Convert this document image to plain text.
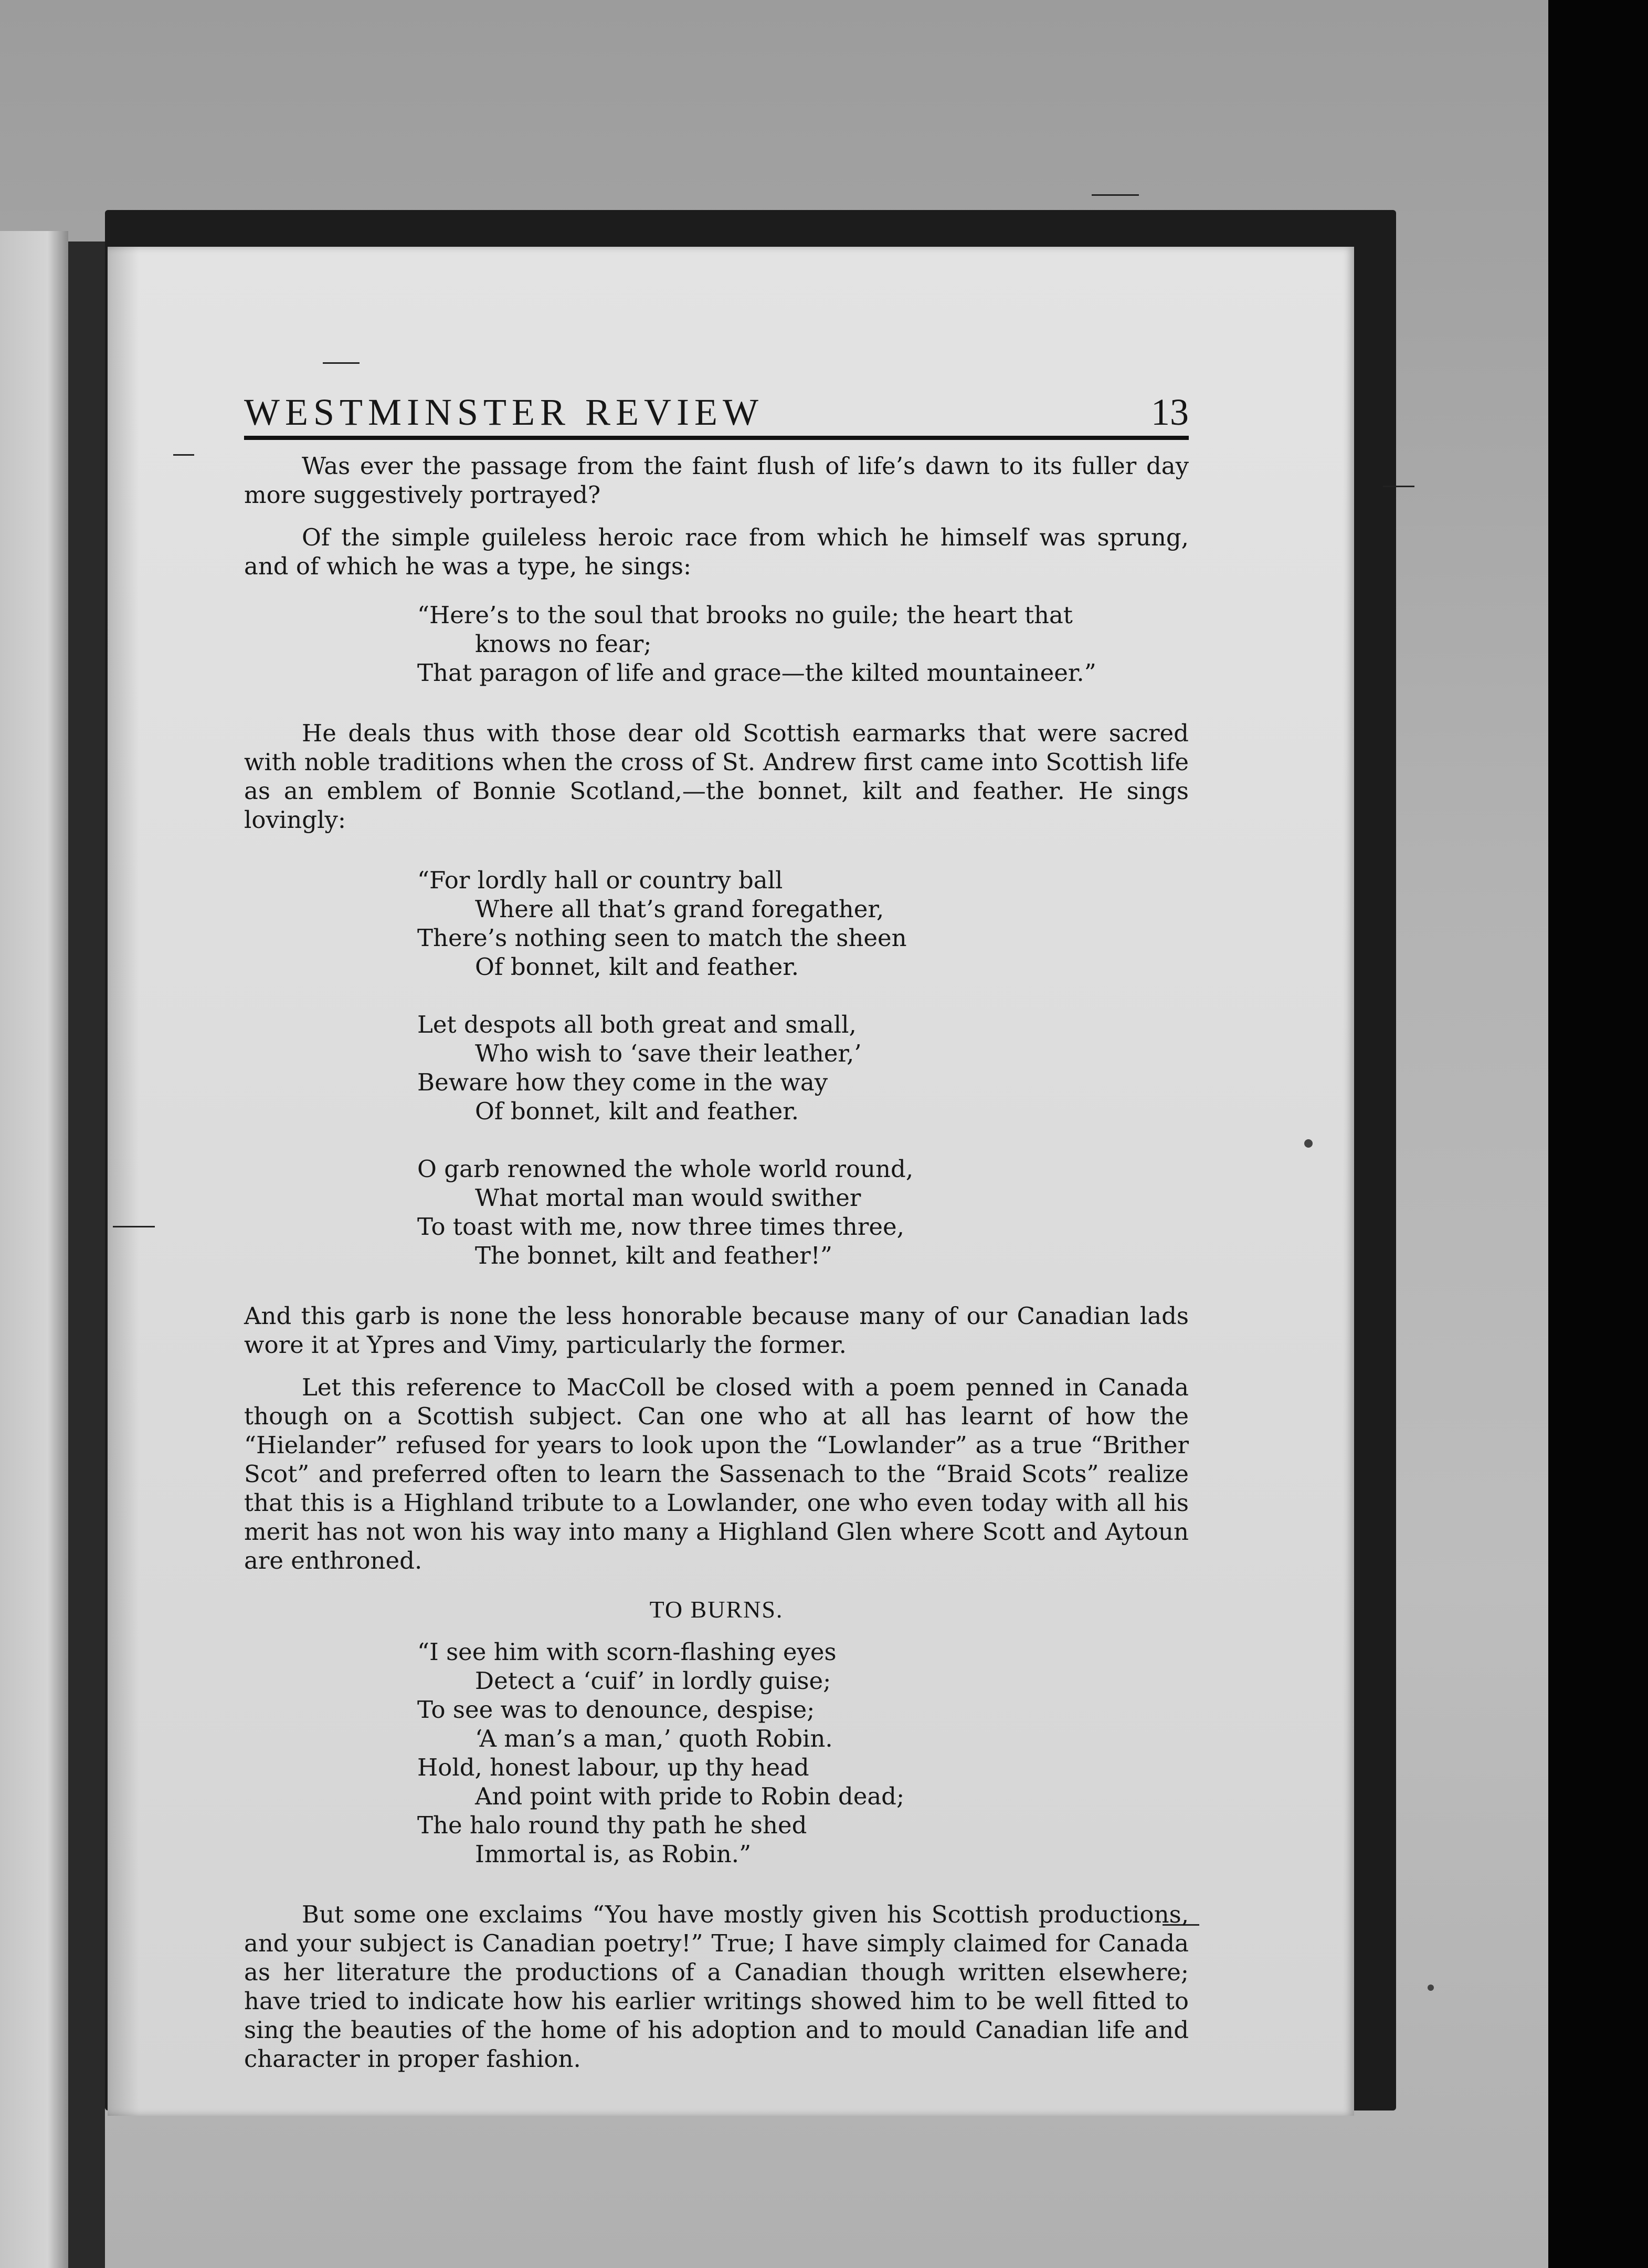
WESTMINSTER REVIEW	13

Was ever the passage from the faint flush of life’s dawn to its fuller day more suggestively portrayed?

Of the simple guileless heroic race from which he himself was sprung, and of which he was a type, he sings:

“Here’s to the soul that brooks no guile; the heart that
knows no fear;
That paragon of life and grace—the kilted mountaineer.”

He deals thus with those dear old Scottish earmarks that were sacred with noble traditions when the cross of St. Andrew first came into Scottish life as an emblem of Bonnie Scotland,—the bonnet, kilt and feather. He sings lovingly:

“For lordly hall or country ball
Where all that’s grand foregather,
There’s nothing seen to match the sheen
Of bonnet, kilt and feather.
Let despots all both great and small,
Who wish to ‘save their leather,’
Beware how they come in the way
Of bonnet, kilt and feather.
O garb renowned the whole world round,
What mortal man would swither
To toast with me, now three times three,
The bonnet, kilt and feather!”

And this garb is none the less honorable because many of our Canadian lads wore it at Ypres and Vimy, particularly the former.

Let this reference to MacColl be closed with a poem penned in Canada though on a Scottish subject. Can one who at all has learnt of how the “Hielander” refused for years to look upon the “Lowlander” as a true “Brither Scot” and preferred often to learn the Sassenach to the “Braid Scots” realize that this is a Highland tribute to a Lowlander, one who even today with all his merit has not won his way into many a Highland Glen where Scott and Aytoun are enthroned.

TO BURNS.
“I see him with scorn-flashing eyes
Detect a ‘cuif’ in lordly guise;
To see was to denounce, despise;
‘A man’s a man,’ quoth Robin.
Hold, honest labour, up thy head
And point with pride to Robin dead;
The halo round thy path he shed
Immortal is, as Robin.”

But some one exclaims “You have mostly given his Scottish productions, and your subject is Canadian poetry!” True; I have simply claimed for Canada as her literature the productions of a Canadian though written elsewhere; have tried to indicate how his earlier writings showed him to be well fitted to sing the beauties of the home of his adoption and to mould Canadian life and character in proper fashion.
